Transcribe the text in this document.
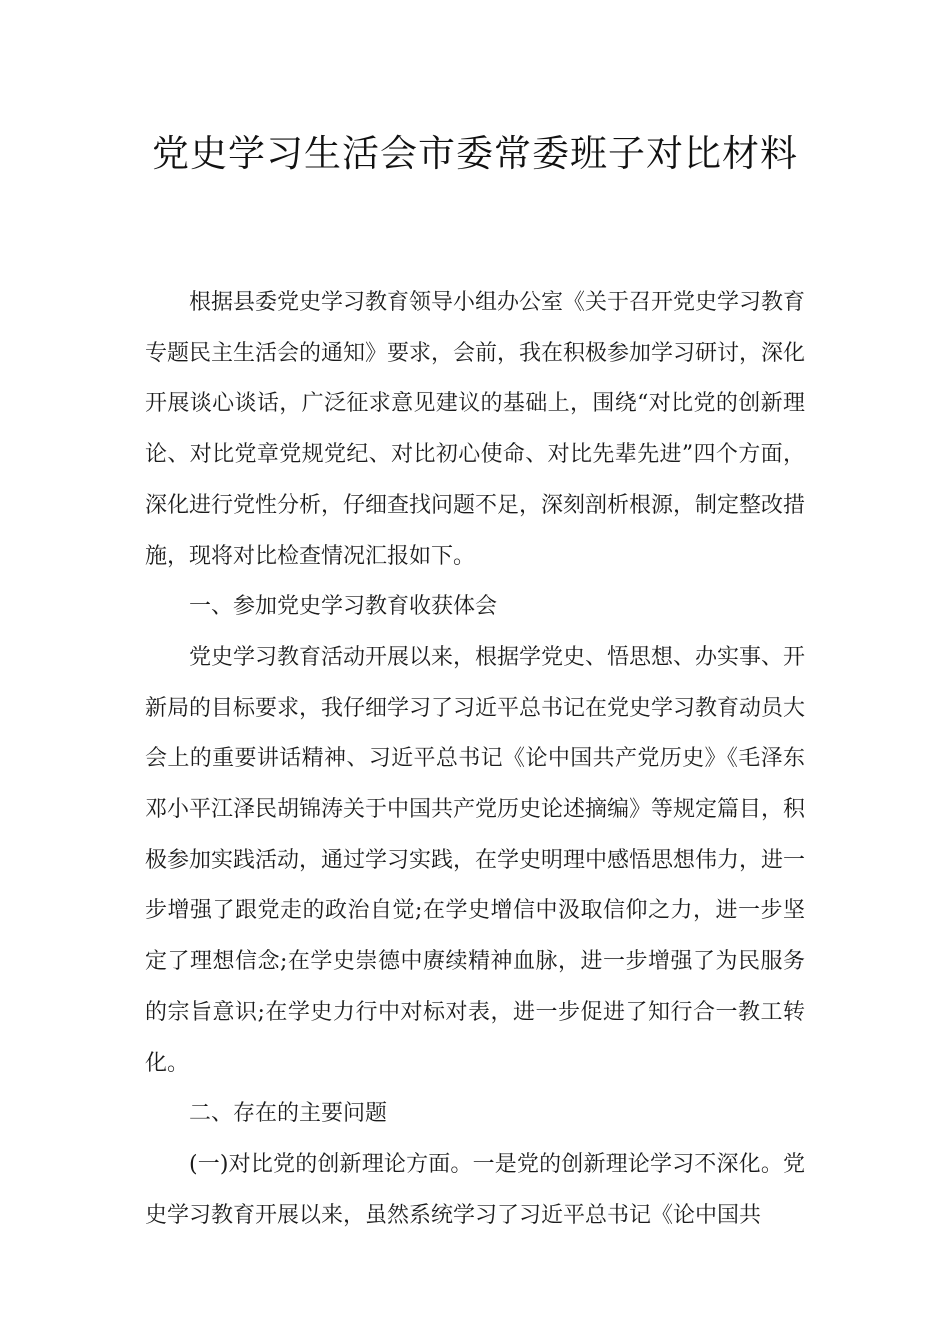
党史学习生活会市委常委班子对比材料

根据县委党史学习教育领导小组办公室《关于召开党史学习教育专题民主生活会的通知》要求，会前，我在积极参加学习研讨，深化开展谈心谈话，广泛征求意见建议的基础上，围绕“对比党的创新理论、对比党章党规党纪、对比初心使命、对比先辈先进”四个方面，深化进行党性分析，仔细查找问题不足，深刻剖析根源，制定整改措施，现将对比检查情况汇报如下。

一、参加党史学习教育收获体会

党史学习教育活动开展以来，根据学党史、悟思想、办实事、开新局的目标要求，我仔细学习了习近平总书记在党史学习教育动员大会上的重要讲话精神、习近平总书记《论中国共产党历史》《毛泽东邓小平江泽民胡锦涛关于中国共产党历史论述摘编》等规定篇目，积极参加实践活动，通过学习实践，在学史明理中感悟思想伟力，进一步增强了跟党走的政治自觉;在学史增信中汲取信仰之力，进一步坚定了理想信念;在学史崇德中赓续精神血脉，进一步增强了为民服务的宗旨意识;在学史力行中对标对表，进一步促进了知行合一教工转化。

二、存在的主要问题

(一)对比党的创新理论方面。一是党的创新理论学习不深化。党史学习教育开展以来，虽然系统学习了习近平总书记《论中国共
